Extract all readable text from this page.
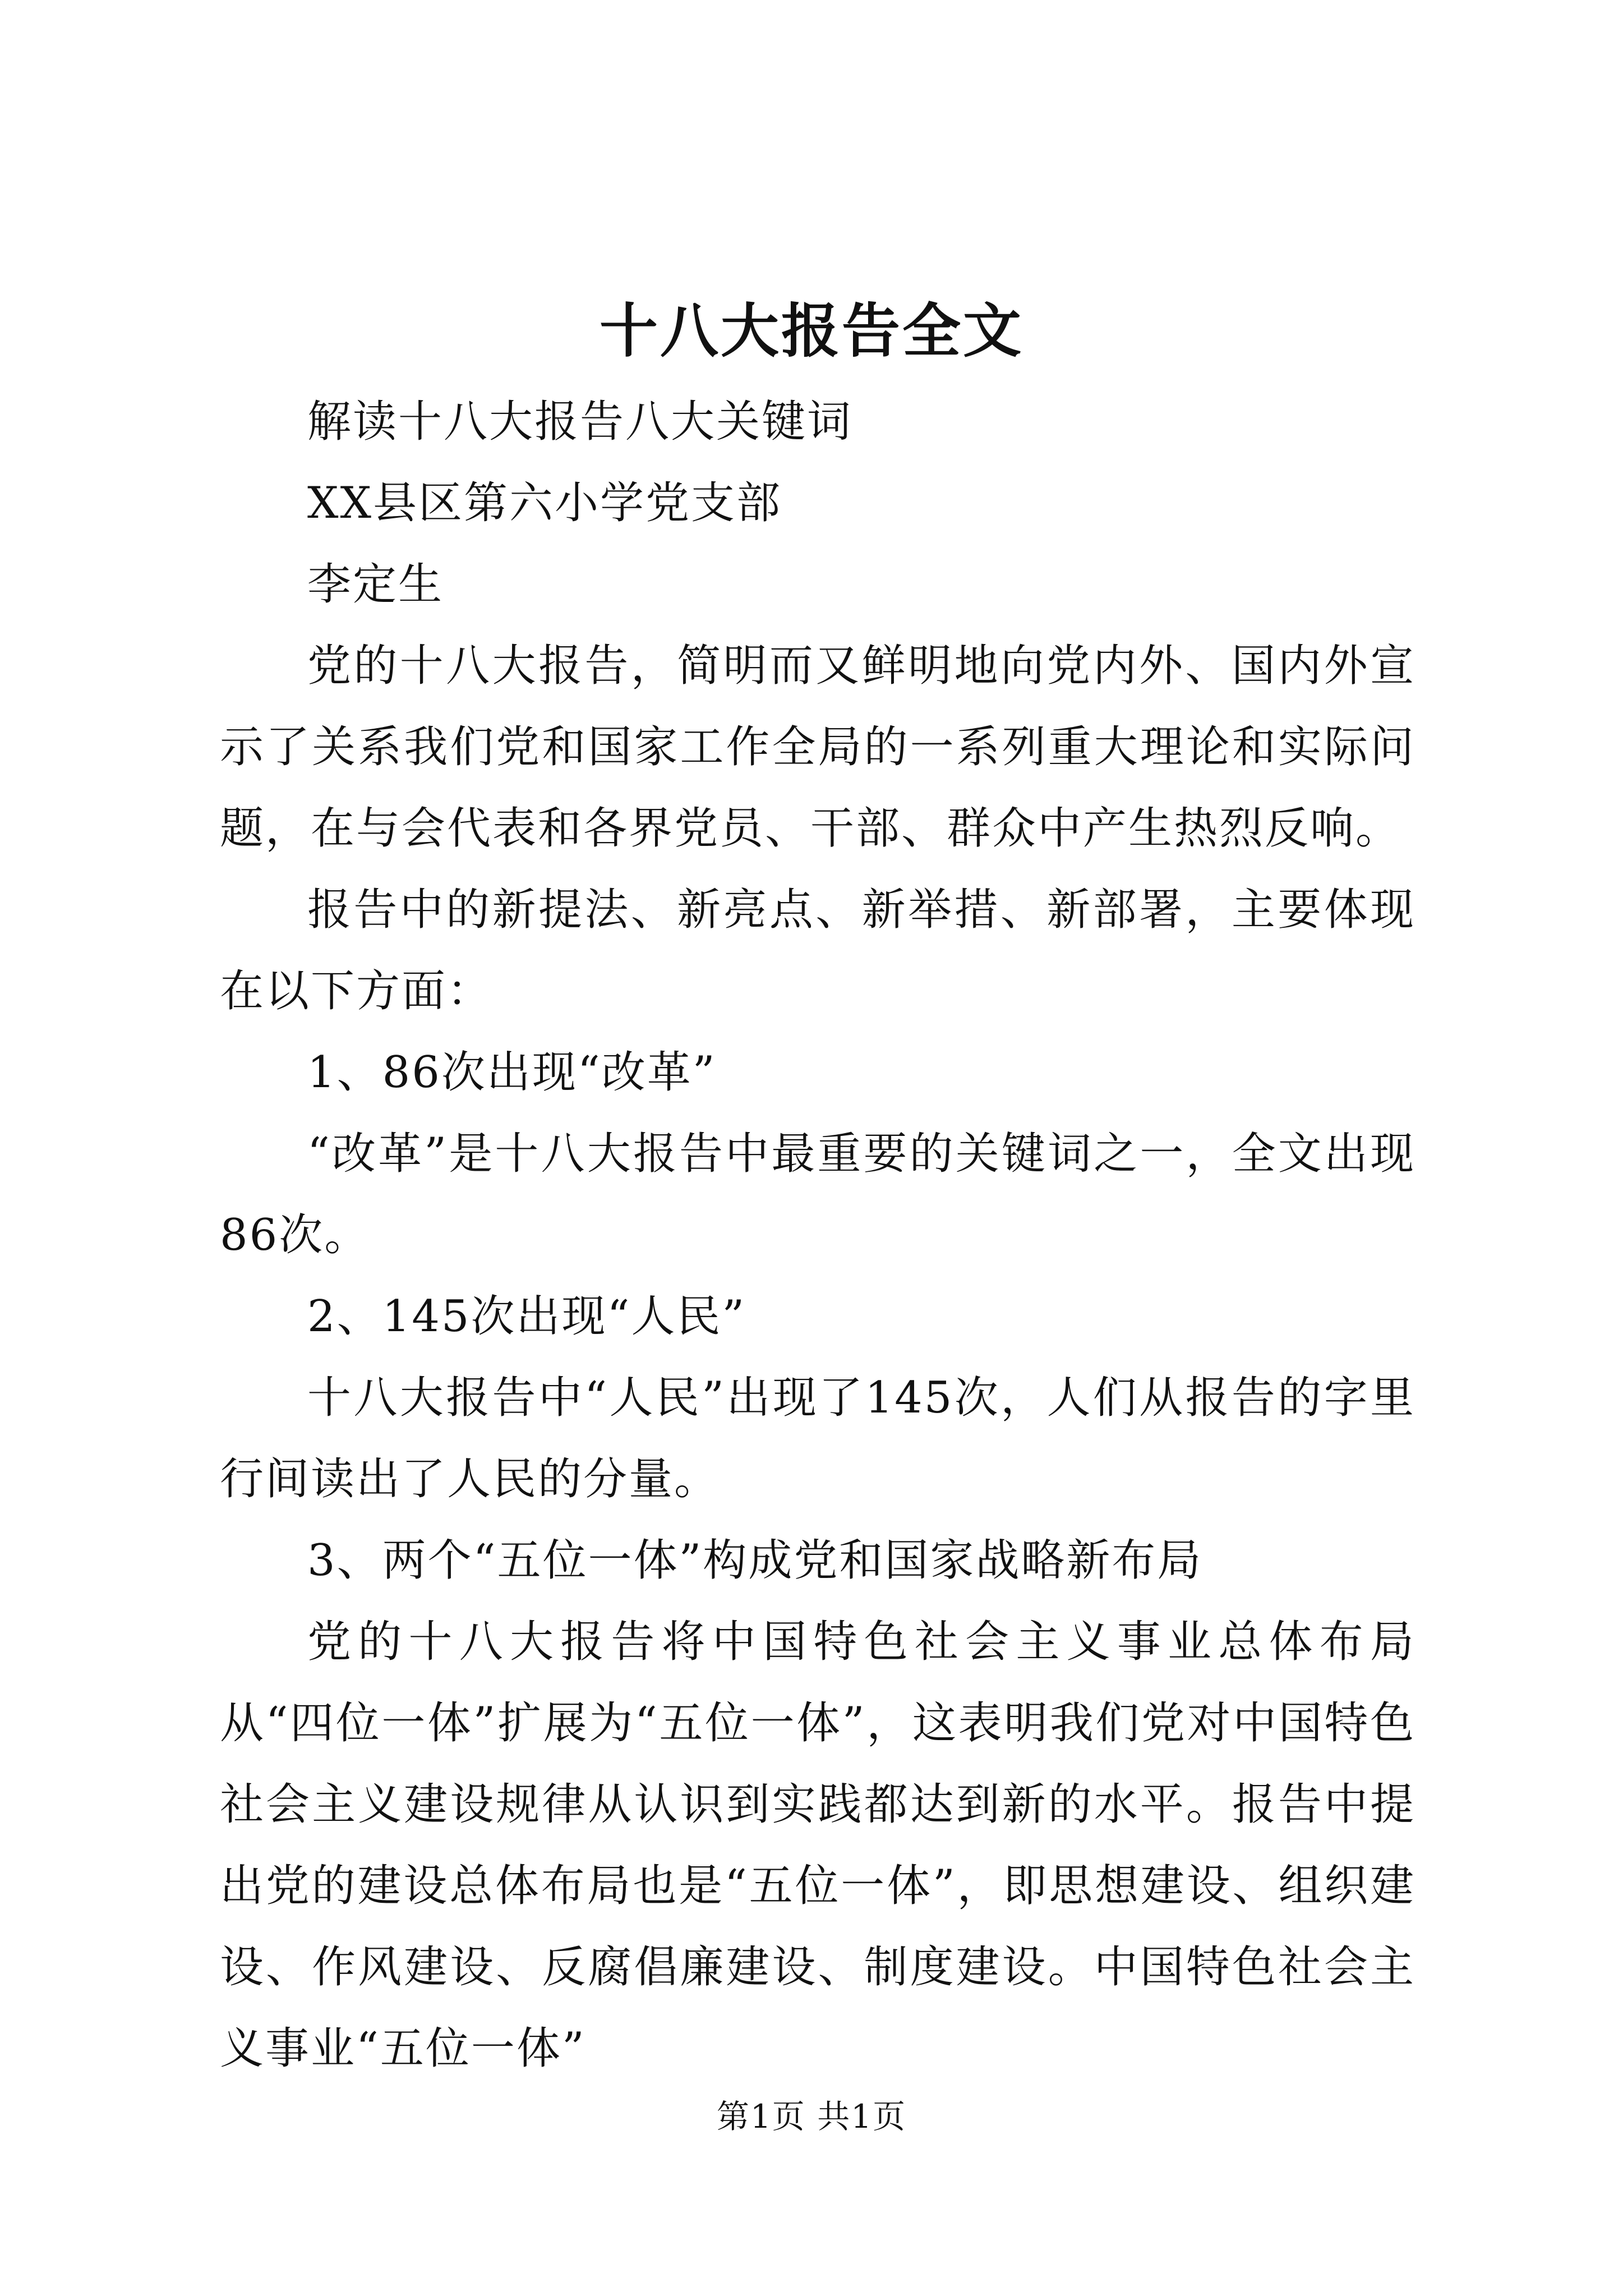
十八大报告全文

解读十八大报告八大关键词

XX县区第六小学党支部

李定生

党的十八大报告，简明而又鲜明地向党内外、国内外宣示了关系我们党和国家工作全局的一系列重大理论和实际问题，在与会代表和各界党员、干部、群众中产生热烈反响。

报告中的新提法、新亮点、新举措、新部署，主要体现在以下方面：

1、86次出现“改革”

“改革”是十八大报告中最重要的关键词之一，全文出现86次。

2、145次出现“人民”

十八大报告中“人民”出现了145次，人们从报告的字里行间读出了人民的分量。

3、两个“五位一体”构成党和国家战略新布局

党的十八大报告将中国特色社会主义事业总体布局从“四位一体”扩展为“五位一体”，这表明我们党对中国特色社会主义建设规律从认识到实践都达到新的水平。报告中提出党的建设总体布局也是“五位一体”，即思想建设、组织建设、作风建设、反腐倡廉建设、制度建设。中国特色社会主义事业“五位一体”

第1页 共1页
